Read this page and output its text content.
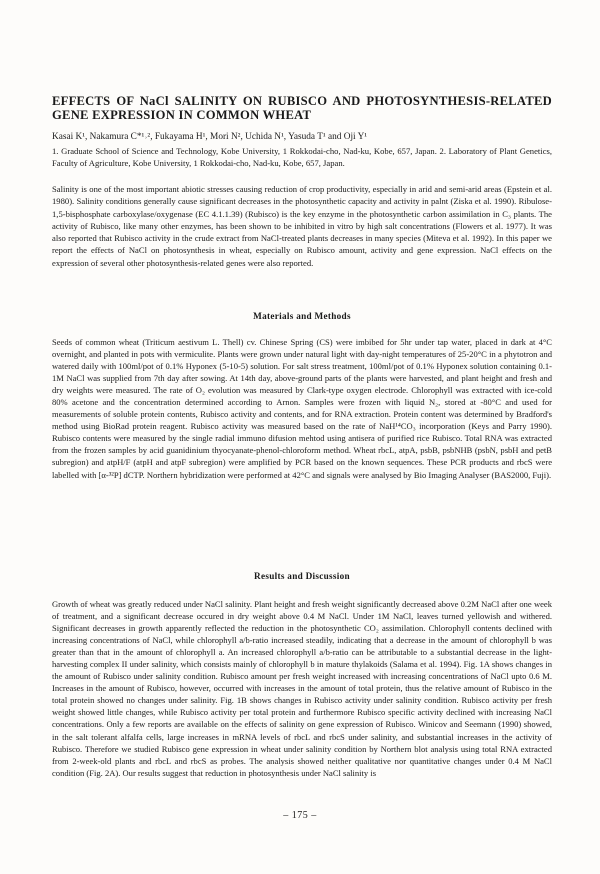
EFFECTS OF NaCl SALINITY ON RUBISCO AND PHOTOSYNTHESIS-RELATED GENE EXPRESSION IN COMMON WHEAT

Kasai K¹, Nakamura C*¹˒², Fukayama H¹, Mori N², Uchida N¹, Yasuda T¹ and Oji Y¹

1. Graduate School of Science and Technology, Kobe University, 1 Rokkodai-cho, Nad-ku, Kobe, 657, Japan. 2. Laboratory of Plant Genetics, Faculty of Agriculture, Kobe University, 1 Rokkodai-cho, Nad-ku, Kobe, 657, Japan.

Salinity is one of the most important abiotic stresses causing reduction of crop productivity, especially in arid and semi-arid areas (Epstein et al. 1980). Salinity conditions generally cause significant decreases in the photosynthetic capacity and activity in palnt (Ziska et al. 1990). Ribulose-1,5-bisphosphate carboxylase/oxygenase (EC 4.1.1.39) (Rubisco) is the key enzyme in the photosynthetic carbon assimilation in C₃ plants. The activity of Rubisco, like many other enzymes, has been shown to be inhibited in vitro by high salt concentrations (Flowers et al. 1977). It was also reported that Rubisco activity in the crude extract from NaCl-treated plants decreases in many species (Miteva et al. 1992). In this paper we report the effects of NaCl on photosynthesis in wheat, especially on Rubisco amount, activity and gene expression. NaCl effects on the expression of several other photosynthesis-related genes were also reported.

Materials and Methods

Seeds of common wheat (Triticum aestivum L. Thell) cv. Chinese Spring (CS) were imbibed for 5hr under tap water, placed in dark at 4°C overnight, and planted in pots with vermiculite. Plants were grown under natural light with day-night temperatures of 25-20°C in a phytotron and watered daily with 100ml/pot of 0.1% Hyponex (5-10-5) solution. For salt stress treatment, 100ml/pot of 0.1% Hyponex solution containing 0.1-1M NaCl was supplied from 7th day after sowing. At 14th day, above-ground parts of the plants were harvested, and plant height and fresh and dry weights were measured. The rate of O₂ evolution was measured by Clark-type oxygen electrode. Chlorophyll was extracted with ice-cold 80% acetone and the concentration determined according to Arnon. Samples were frozen with liquid N₂, stored at -80°C and used for measurements of soluble protein contents, Rubisco activity and contents, and for RNA extraction. Protein content was determined by Bradford's method using BioRad protein reagent. Rubisco activity was measured based on the rate of NaH¹⁴CO₃ incorporation (Keys and Parry 1990). Rubisco contents were measured by the single radial immuno difusion mehtod using antisera of purified rice Rubisco. Total RNA was extracted from the frozen samples by acid guanidinium thyocyanate-phenol-chloroform method. Wheat rbcL, atpA, psbB, psbNHB (psbN, psbH and petB subregion) and atpH/F (atpH and atpF subregion) were amplified by PCR based on the known sequences. These PCR products and rbcS were labelled with [α-³²P] dCTP. Northern hybridization were performed at 42°C and signals were analysed by Bio Imaging Analyser (BAS2000, Fuji).

Results and Discussion

Growth of wheat was greatly reduced under NaCl salinity. Plant height and fresh weight significantly decreased above 0.2M NaCl after one week of treatment, and a significant decrease occured in dry weight above 0.4 M NaCl. Under 1M NaCl, leaves turned yellowish and withered. Significant decreases in growth apparently reflected the reduction in the photosynthetic CO₂ assimilation. Chlorophyll contents declined with increasing concentrations of NaCl, while chlorophyll a/b-ratio increased steadily, indicating that a decrease in the amount of chlorophyll b was greater than that in the amount of chlorophyll a. An increased chlorophyll a/b-ratio can be attributable to a substantial decrease in the light-harvesting complex II under salinity, which consists mainly of chlorophyll b in mature thylakoids (Salama et al. 1994). Fig. 1A shows changes in the amount of Rubisco under salinity condition. Rubisco amount per fresh weight increased with increasing concentrations of NaCl upto 0.6 M. Increases in the amount of Rubisco, however, occurred with increases in the amount of total protein, thus the relative amount of Rubisco in the total protein showed no changes under salinity. Fig. 1B shows changes in Rubisco activity under salinity condition. Rubisco activity per fresh weight showed little changes, while Rubisco activity per total protein and furthermore Rubisco specific activity declined with increasing NaCl concentrations. Only a few reports are available on the effects of salinity on gene expression of Rubisco. Winicov and Seemann (1990) showed, in the salt tolerant alfalfa cells, large increases in mRNA levels of rbcL and rbcS under salinity, and substantial increases in the activity of Rubisco. Therefore we studied Rubisco gene expression in wheat under salinity condition by Northern blot analysis using total RNA extracted from 2-week-old plants and rbcL and rbcS as probes. The analysis showed neither qualitative nor quantitative changes under 0.4 M NaCl condition (Fig. 2A). Our results suggest that reduction in photosynthesis under NaCl salinity is

– 175 –
